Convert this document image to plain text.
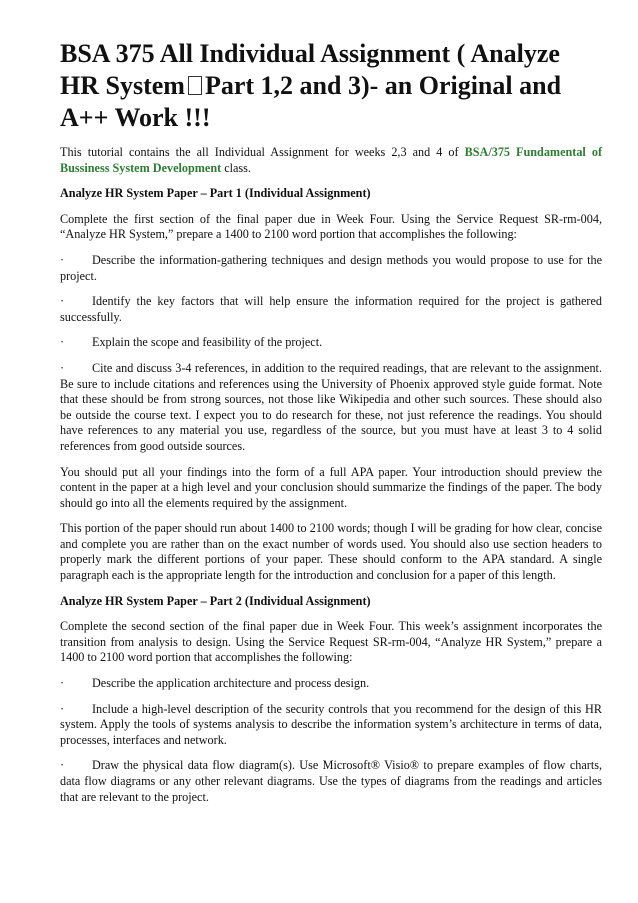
BSA 375 All Individual Assignment ( Analyze HR System Part 1,2 and 3)- an Original and A++ Work !!!

This tutorial contains the all Individual Assignment for weeks 2,3 and 4 of BSA/375 Fundamental of Bussiness System Development class.

Analyze HR System Paper – Part 1 (Individual Assignment)

Complete the first section of the final paper due in Week Four. Using the Service Request SR-rm-004, “Analyze HR System,” prepare a 1400 to 2100 word portion that accomplishes the following:

· Describe the information-gathering techniques and design methods you would propose to use for the project.

· Identify the key factors that will help ensure the information required for the project is gathered successfully.

· Explain the scope and feasibility of the project.

· Cite and discuss 3-4 references, in addition to the required readings, that are relevant to the assignment. Be sure to include citations and references using the University of Phoenix approved style guide format. Note that these should be from strong sources, not those like Wikipedia and other such sources. These should also be outside the course text. I expect you to do research for these, not just reference the readings. You should have references to any material you use, regardless of the source, but you must have at least 3 to 4 solid references from good outside sources.

You should put all your findings into the form of a full APA paper. Your introduction should preview the content in the paper at a high level and your conclusion should summarize the findings of the paper. The body should go into all the elements required by the assignment.

This portion of the paper should run about 1400 to 2100 words; though I will be grading for how clear, concise and complete you are rather than on the exact number of words used. You should also use section headers to properly mark the different portions of your paper. These should conform to the APA standard. A single paragraph each is the appropriate length for the introduction and conclusion for a paper of this length.

Analyze HR System Paper – Part 2 (Individual Assignment)

Complete the second section of the final paper due in Week Four. This week’s assignment incorporates the transition from analysis to design. Using the Service Request SR-rm-004, “Analyze HR System,” prepare a 1400 to 2100 word portion that accomplishes the following:

· Describe the application architecture and process design.

· Include a high-level description of the security controls that you recommend for the design of this HR system. Apply the tools of systems analysis to describe the information system’s architecture in terms of data, processes, interfaces and network.

· Draw the physical data flow diagram(s). Use Microsoft® Visio® to prepare examples of flow charts, data flow diagrams or any other relevant diagrams. Use the types of diagrams from the readings and articles that are relevant to the project.
